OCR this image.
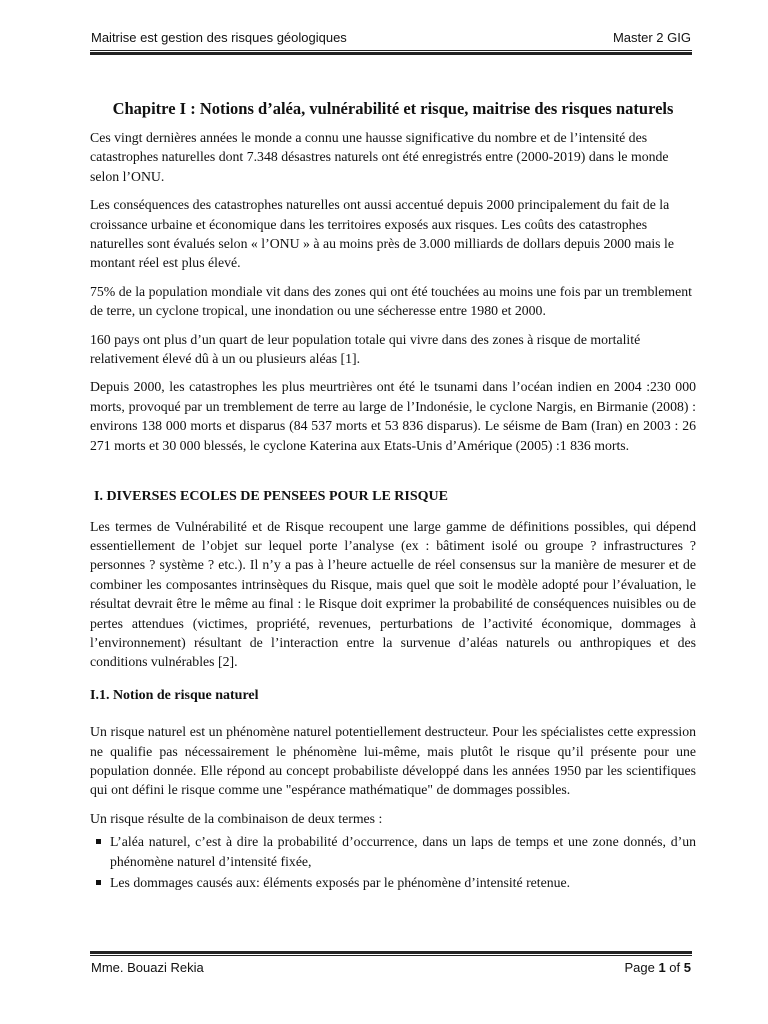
Maitrise est gestion des risques géologiques	Master 2 GIG
Chapitre I : Notions d’aléa, vulnérabilité et risque, maitrise des risques naturels

Ces vingt dernières années le monde a connu une hausse significative du nombre et de l’intensité des catastrophes naturelles dont 7.348 désastres naturels ont été enregistrés entre (2000-2019) dans le monde selon l’ONU.

Les conséquences des catastrophes naturelles ont aussi accentué depuis 2000 principalement du fait de la croissance urbaine et économique dans les territoires exposés aux risques. Les coûts des catastrophes naturelles sont évalués selon « l’ONU » à au moins près de 3.000 milliards de dollars depuis 2000 mais le montant réel est plus élevé.

75% de la population mondiale vit dans des zones qui ont été touchées au moins une fois par un tremblement de terre, un cyclone tropical, une inondation ou une sécheresse entre 1980 et 2000.

160 pays ont plus d’un quart de leur population totale qui vivre dans des zones à risque de mortalité relativement élevé dû à un ou plusieurs aléas [1].

Depuis 2000, les catastrophes les plus meurtrières ont été le tsunami dans l’océan indien en 2004 :230 000 morts, provoqué par un tremblement de terre au large de l’Indonésie, le cyclone Nargis, en Birmanie (2008) : environs 138 000 morts et disparus (84 537 morts et 53 836 disparus). Le séisme de Bam (Iran) en 2003 : 26 271 morts et 30 000 blessés, le cyclone Katerina aux Etats-Unis d’Amérique (2005) :1 836 morts.

I. DIVERSES ECOLES DE PENSEES POUR LE RISQUE

Les termes de Vulnérabilité et de Risque recoupent une large gamme de définitions possibles, qui dépend essentiellement de l’objet sur lequel porte l’analyse (ex : bâtiment isolé ou groupe ? infrastructures ? personnes ? système ? etc.). Il n’y a pas à l’heure actuelle de réel consensus sur la manière de mesurer et de combiner les composantes intrinsèques du Risque, mais quel que soit le modèle adopté pour l’évaluation, le résultat devrait être le même au final : le Risque doit exprimer la probabilité de conséquences nuisibles ou de pertes attendues (victimes, propriété, revenues, perturbations de l’activité économique, dommages à l’environnement) résultant de l’interaction entre la survenue d’aléas naturels ou anthropiques et des conditions vulnérables [2].

I.1. Notion de risque naturel

Un risque naturel est un phénomène naturel potentiellement destructeur. Pour les spécialistes cette expression ne qualifie pas nécessairement le phénomène lui-même, mais plutôt le risque qu’il présente pour une population donnée. Elle répond au concept probabiliste développé dans les années 1950 par les scientifiques qui ont défini le risque comme une "espérance mathématique" de dommages possibles.

Un risque résulte de la combinaison de deux termes :

L’aléa naturel, c’est à dire la probabilité d’occurrence, dans un laps de temps et une zone donnés, d’un phénomène naturel d’intensité fixée,
Les dommages causés aux: éléments exposés par le phénomène d’intensité retenue.
Mme. Bouazi Rekia	Page 1 of 5
